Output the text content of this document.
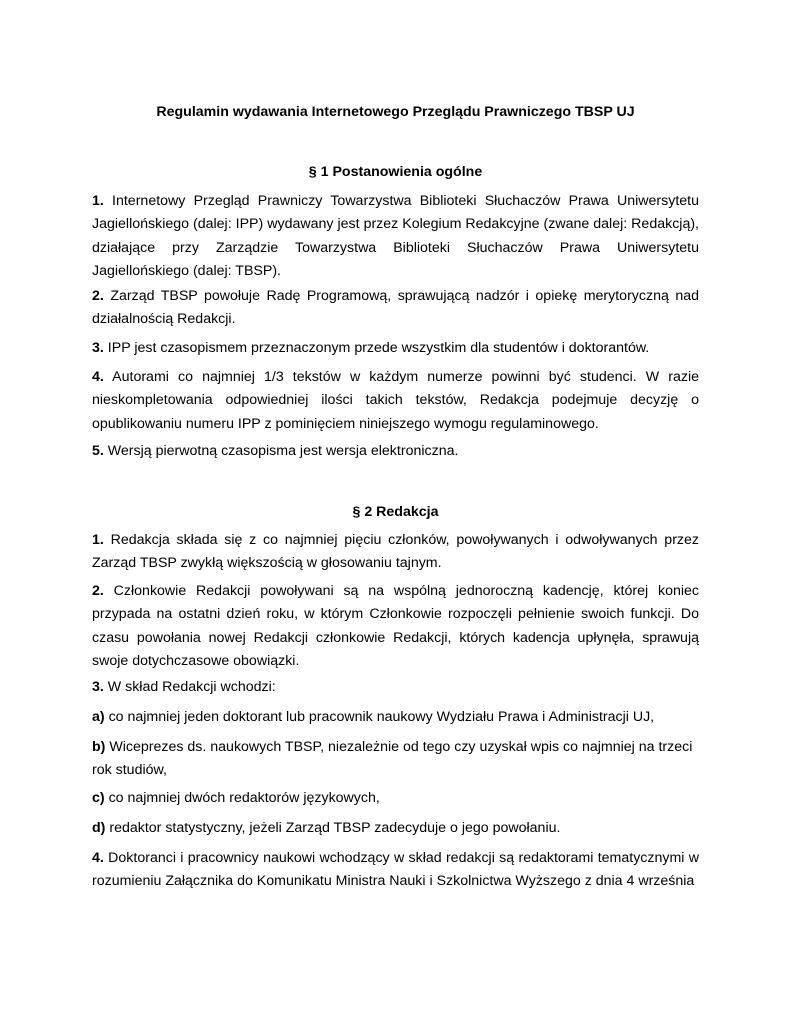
Regulamin wydawania Internetowego Przeglądu Prawniczego TBSP UJ
§ 1 Postanowienia ogólne

1. Internetowy Przegląd Prawniczy Towarzystwa Biblioteki Słuchaczów Prawa Uniwersytetu Jagiellońskiego (dalej: IPP) wydawany jest przez Kolegium Redakcyjne (zwane dalej: Redakcją), działające przy Zarządzie Towarzystwa Biblioteki Słuchaczów Prawa Uniwersytetu Jagiellońskiego (dalej: TBSP).

2. Zarząd TBSP powołuje Radę Programową, sprawującą nadzór i opiekę merytoryczną nad działalnością Redakcji.

3. IPP jest czasopismem przeznaczonym przede wszystkim dla studentów i doktorantów.

4. Autorami co najmniej 1/3 tekstów w każdym numerze powinni być studenci. W razie nieskompletowania odpowiedniej ilości takich tekstów, Redakcja podejmuje decyzję o opublikowaniu numeru IPP z pominięciem niniejszego wymogu regulaminowego.

5. Wersją pierwotną czasopisma jest wersja elektroniczna.

§ 2 Redakcja

1. Redakcja składa się z co najmniej pięciu członków, powoływanych i odwoływanych przez Zarząd TBSP zwykłą większością w głosowaniu tajnym.

2. Członkowie Redakcji powoływani są na wspólną jednoroczną kadencję, której koniec przypada na ostatni dzień roku, w którym Członkowie rozpoczęli pełnienie swoich funkcji. Do czasu powołania nowej Redakcji członkowie Redakcji, których kadencja upłynęła, sprawują swoje dotychczasowe obowiązki.

3. W skład Redakcji wchodzi:

a) co najmniej jeden doktorant lub pracownik naukowy Wydziału Prawa i Administracji UJ,

b) Wiceprezes ds. naukowych TBSP, niezależnie od tego czy uzyskał wpis co najmniej na trzeci rok studiów,

c) co najmniej dwóch redaktorów językowych,

d) redaktor statystyczny, jeżeli Zarząd TBSP zadecyduje o jego powołaniu.

4. Doktoranci i pracownicy naukowi wchodzący w skład redakcji są redaktorami tematycznymi w rozumieniu Załącznika do Komunikatu Ministra Nauki i Szkolnictwa Wyższego z dnia 4 września
